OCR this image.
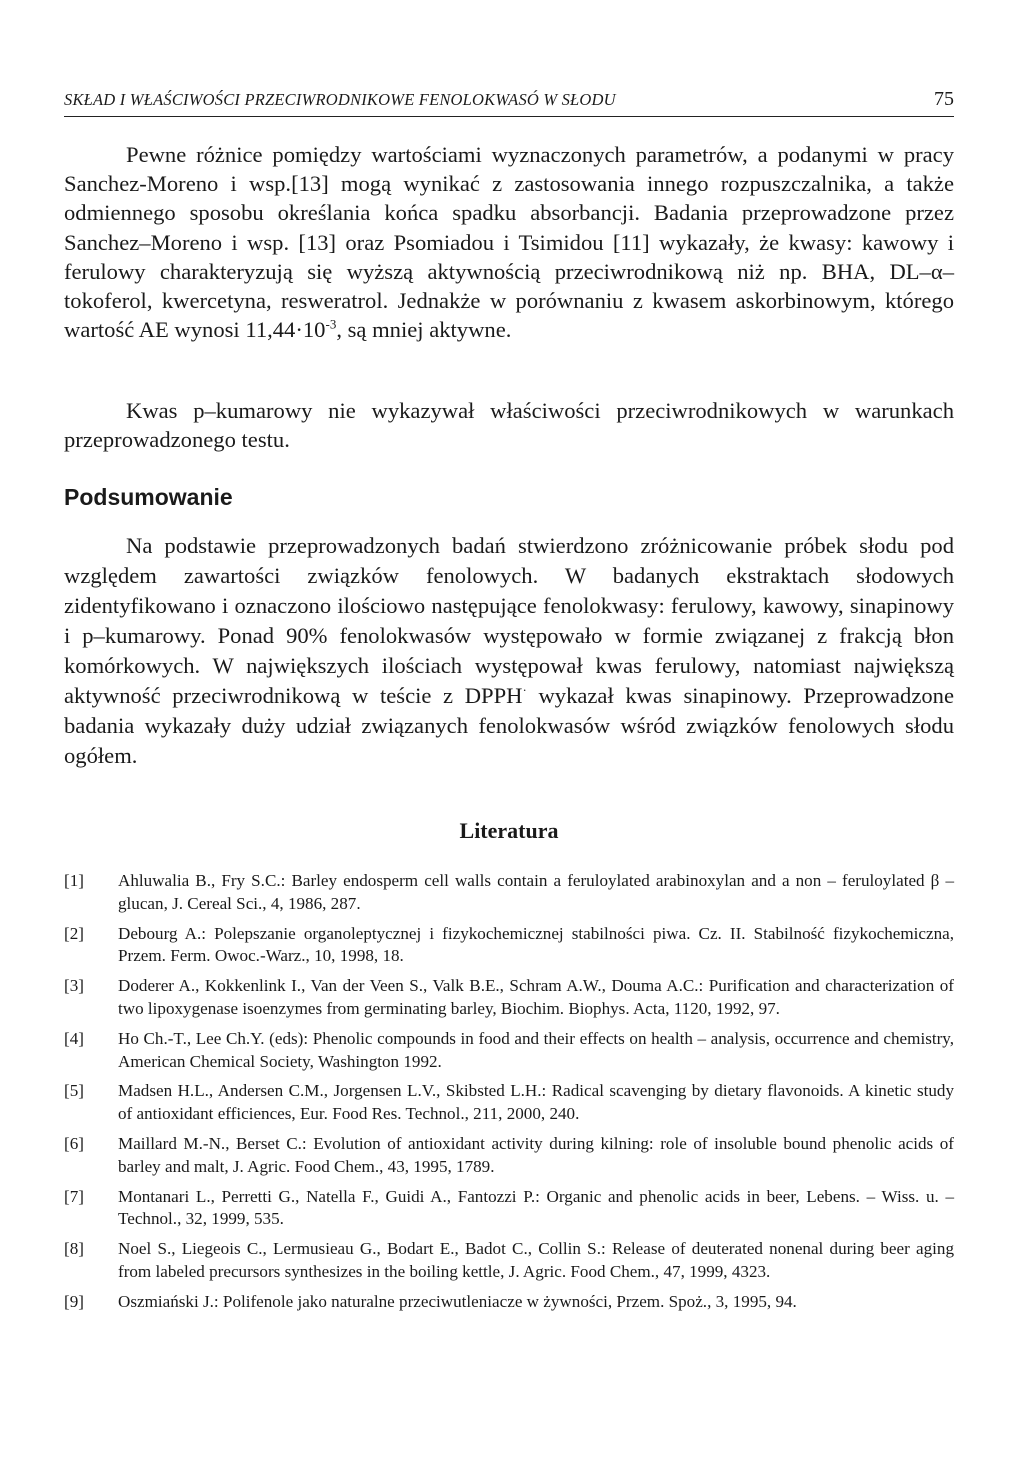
SKŁAD I WŁAŚCIWOŚCI PRZECIWRODNIKOWE FENOLOKWASÓ W SŁODU	75

Pewne różnice pomiędzy wartościami wyznaczonych parametrów, a podanymi w pracy Sanchez-Moreno i wsp.[13] mogą wynikać z zastosowania innego rozpuszczalnika, a także odmiennego sposobu określania końca spadku absorbancji. Badania przeprowadzone przez Sanchez–Moreno i wsp. [13] oraz Psomiadou i Tsimidou [11] wykazały, że kwasy: kawowy i ferulowy charakteryzują się wyższą aktywnością przeciwrodnikową niż np. BHA, DL–α–tokoferol, kwercetyna, resweratrol. Jednakże w porównaniu z kwasem askorbinowym, którego wartość AE wynosi $11,44\cdot 10^{-3}$, są mniej aktywne.

Kwas p–kumarowy nie wykazywał właściwości przeciwrodnikowych w warunkach przeprowadzonego testu.

Podsumowanie

Na podstawie przeprowadzonych badań stwierdzono zróżnicowanie próbek słodu pod względem zawartości związków fenolowych. W badanych ekstraktach słodowych zidentyfikowano i oznaczono ilościowo następujące fenolokwasy: ferulowy, kawowy, sinapinowy i p–kumarowy. Ponad 90% fenolokwasów występowało w formie związanej z frakcją błon komórkowych. W największych ilościach występował kwas ferulowy, natomiast największą aktywność przeciwrodnikową w teście z DPPH· wykazał kwas sinapinowy. Przeprowadzone badania wykazały duży udział związanych fenolokwasów wśród związków fenolowych słodu ogółem.

Literatura
[1] Ahluwalia B., Fry S.C.: Barley endosperm cell walls contain a feruloylated arabinoxylan and a non – feruloylated β – glucan, J. Cereal Sci., 4, 1986, 287.
[2] Debourg A.: Polepszanie organoleptycznej i fizykochemicznej stabilności piwa. Cz. II. Stabilność fizykochemiczna, Przem. Ferm. Owoc.-Warz., 10, 1998, 18.
[3] Doderer A., Kokkenlink I., Van der Veen S., Valk B.E., Schram A.W., Douma A.C.: Purification and characterization of two lipoxygenase isoenzymes from germinating barley, Biochim. Biophys. Acta, 1120, 1992, 97.
[4] Ho Ch.-T., Lee Ch.Y. (eds): Phenolic compounds in food and their effects on health – analysis, occurrence and chemistry, American Chemical Society, Washington 1992.
[5] Madsen H.L., Andersen C.M., Jorgensen L.V., Skibsted L.H.: Radical scavenging by dietary flavonoids. A kinetic study of antioxidant efficiences, Eur. Food Res. Technol., 211, 2000, 240.
[6] Maillard M.-N., Berset C.: Evolution of antioxidant activity during kilning: role of insoluble bound phenolic acids of barley and malt, J. Agric. Food Chem., 43, 1995, 1789.
[7] Montanari L., Perretti G., Natella F., Guidi A., Fantozzi P.: Organic and phenolic acids in beer, Lebens. – Wiss. u. – Technol., 32, 1999, 535.
[8] Noel S., Liegeois C., Lermusieau G., Bodart E., Badot C., Collin S.: Release of deuterated nonenal during beer aging from labeled precursors synthesizes in the boiling kettle, J. Agric. Food Chem., 47, 1999, 4323.
[9] Oszmiański J.: Polifenole jako naturalne przeciwutleniacze w żywności, Przem. Spoż., 3, 1995, 94.
